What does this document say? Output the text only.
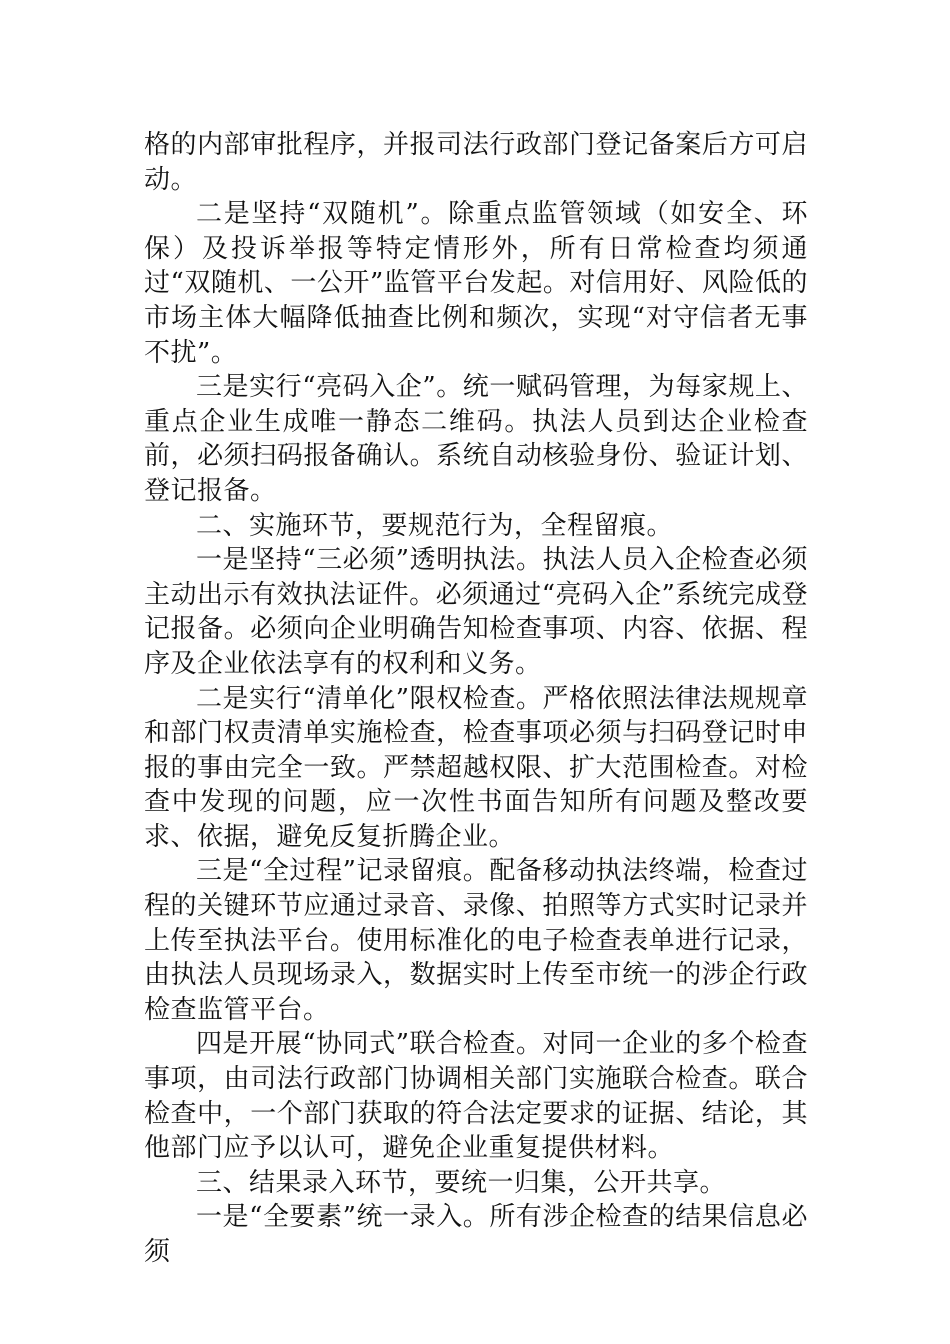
格的内部审批程序，并报司法行政部门登记备案后方可启动。

二是坚持“双随机”。除重点监管领域（如安全、环保）及投诉举报等特定情形外，所有日常检查均须通过“双随机、一公开”监管平台发起。对信用好、风险低的市场主体大幅降低抽查比例和频次，实现“对守信者无事不扰”。

三是实行“亮码入企”。统一赋码管理，为每家规上、重点企业生成唯一静态二维码。执法人员到达企业检查前，必须扫码报备确认。系统自动核验身份、验证计划、登记报备。

二、实施环节，要规范行为，全程留痕。

一是坚持“三必须”透明执法。执法人员入企检查必须主动出示有效执法证件。必须通过“亮码入企”系统完成登记报备。必须向企业明确告知检查事项、内容、依据、程序及企业依法享有的权利和义务。

二是实行“清单化”限权检查。严格依照法律法规规章和部门权责清单实施检查，检查事项必须与扫码登记时申报的事由完全一致。严禁超越权限、扩大范围检查。对检查中发现的问题，应一次性书面告知所有问题及整改要求、依据，避免反复折腾企业。

三是“全过程”记录留痕。配备移动执法终端，检查过程的关键环节应通过录音、录像、拍照等方式实时记录并上传至执法平台。使用标准化的电子检查表单进行记录，由执法人员现场录入，数据实时上传至市统一的涉企行政检查监管平台。

四是开展“协同式”联合检查。对同一企业的多个检查事项，由司法行政部门协调相关部门实施联合检查。联合检查中，一个部门获取的符合法定要求的证据、结论，其他部门应予以认可，避免企业重复提供材料。

三、结果录入环节，要统一归集，公开共享。

一是“全要素”统一录入。所有涉企检查的结果信息必须
